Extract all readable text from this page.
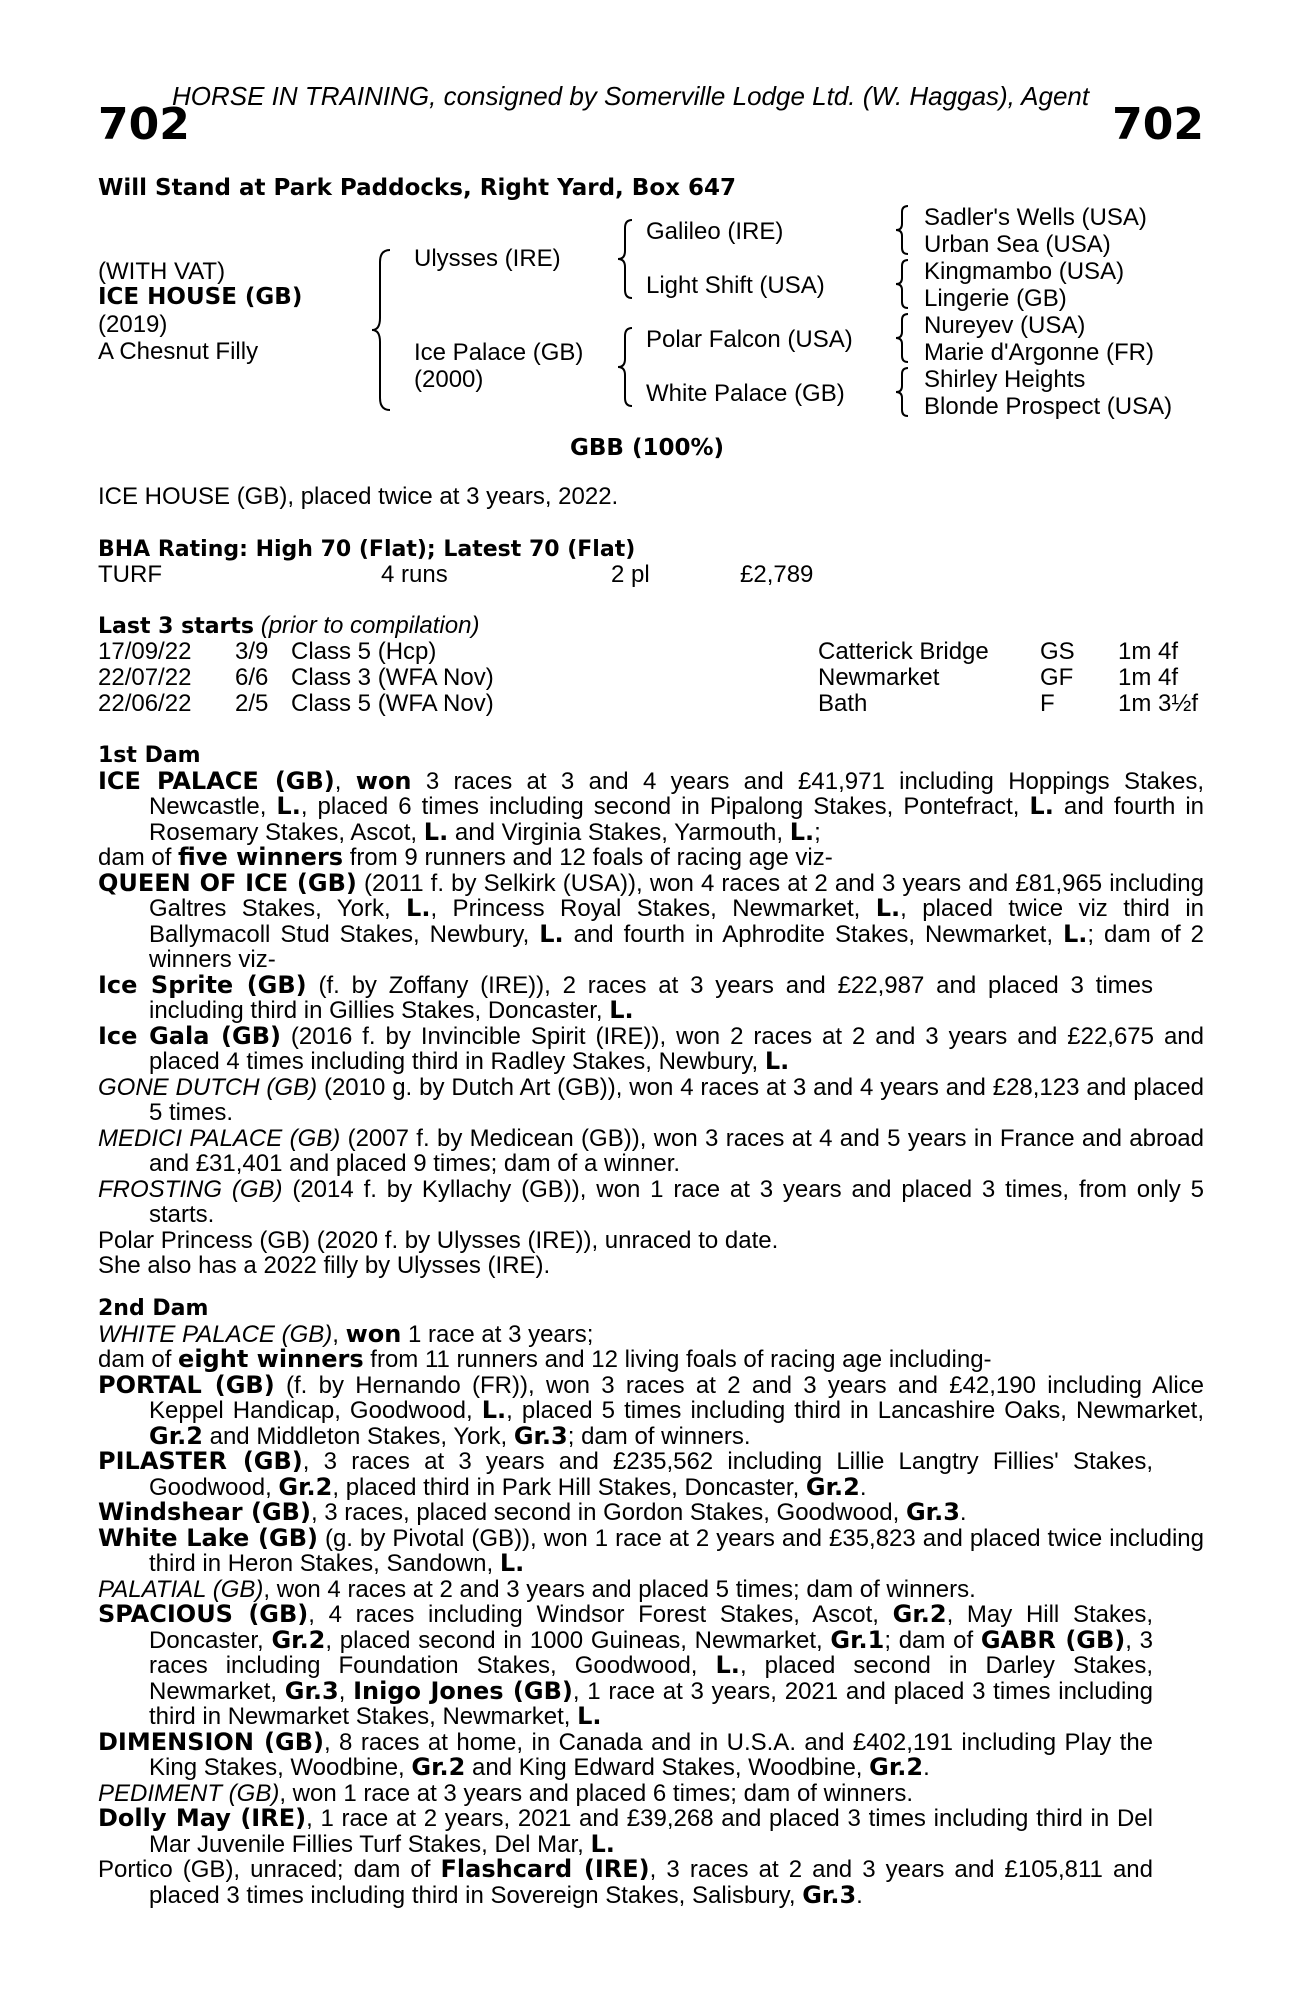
HORSE IN TRAINING, consigned by Somerville Lodge Ltd. (W. Haggas), Agent
702	702
Will Stand at Park Paddocks, Right Yard, Box 647
(WITH VAT)
ICE HOUSE (GB)
(2019)
A Chesnut Filly
Ulysses (IRE)
Ice Palace (GB)
(2000)
Galileo (IRE)
Light Shift (USA)
Polar Falcon (USA)
White Palace (GB)
Sadler's Wells (USA)
Urban Sea (USA)
Kingmambo (USA)
Lingerie (GB)
Nureyev (USA)
Marie d'Argonne (FR)
Shirley Heights
Blonde Prospect (USA)
GBB (100%)
ICE HOUSE (GB), placed twice at 3 years, 2022.
BHA Rating: High 70 (Flat); Latest 70 (Flat)
TURF	4 runs	2 pl	£2,789
Last 3 starts (prior to compilation)
17/09/22 3/9 Class 5 (Hcp)	Catterick Bridge GS 1m 4f
22/07/22 6/6 Class 3 (WFA Nov)	Newmarket	GF 1m 4f
22/06/22 2/5 Class 5 (WFA Nov)	Bath	F	1m 3½f
1st Dam

ICE PALACE (GB), won 3 races at 3 and 4 years and £41,971 including Hoppings Stakes, Newcastle, L., placed 6 times including second in Pipalong Stakes, Pontefract, L. and fourth in Rosemary Stakes, Ascot, L. and Virginia Stakes, Yarmouth, L.;

dam of five winners from 9 runners and 12 foals of racing age viz-

QUEEN OF ICE (GB) (2011 f. by Selkirk (USA)), won 4 races at 2 and 3 years and £81,965 including Galtres Stakes, York, L., Princess Royal Stakes, Newmarket, L., placed twice viz third in Ballymacoll Stud Stakes, Newbury, L. and fourth in Aphrodite Stakes, Newmarket, L.; dam of 2 winners viz-

Ice Sprite (GB) (f. by Zoffany (IRE)), 2 races at 3 years and £22,987 and placed 3 times including third in Gillies Stakes, Doncaster, L.

Ice Gala (GB) (2016 f. by Invincible Spirit (IRE)), won 2 races at 2 and 3 years and £22,675 and placed 4 times including third in Radley Stakes, Newbury, L.

GONE DUTCH (GB) (2010 g. by Dutch Art (GB)), won 4 races at 3 and 4 years and £28,123 and placed 5 times.

MEDICI PALACE (GB) (2007 f. by Medicean (GB)), won 3 races at 4 and 5 years in France and abroad and £31,401 and placed 9 times; dam of a winner.

FROSTING (GB) (2014 f. by Kyllachy (GB)), won 1 race at 3 years and placed 3 times, from only 5 starts.

Polar Princess (GB) (2020 f. by Ulysses (IRE)), unraced to date.

She also has a 2022 filly by Ulysses (IRE).

2nd Dam

WHITE PALACE (GB), won 1 race at 3 years;

dam of eight winners from 11 runners and 12 living foals of racing age including-

PORTAL (GB) (f. by Hernando (FR)), won 3 races at 2 and 3 years and £42,190 including Alice Keppel Handicap, Goodwood, L., placed 5 times including third in Lancashire Oaks, Newmarket, Gr.2 and Middleton Stakes, York, Gr.3; dam of winners.

PILASTER (GB), 3 races at 3 years and £235,562 including Lillie Langtry Fillies' Stakes, Goodwood, Gr.2, placed third in Park Hill Stakes, Doncaster, Gr.2.

Windshear (GB), 3 races, placed second in Gordon Stakes, Goodwood, Gr.3.

White Lake (GB) (g. by Pivotal (GB)), won 1 race at 2 years and £35,823 and placed twice including third in Heron Stakes, Sandown, L.

PALATIAL (GB), won 4 races at 2 and 3 years and placed 5 times; dam of winners.

SPACIOUS (GB), 4 races including Windsor Forest Stakes, Ascot, Gr.2, May Hill Stakes, Doncaster, Gr.2, placed second in 1000 Guineas, Newmarket, Gr.1; dam of GABR (GB), 3 races including Foundation Stakes, Goodwood, L., placed second in Darley Stakes, Newmarket, Gr.3, Inigo Jones (GB), 1 race at 3 years, 2021 and placed 3 times including third in Newmarket Stakes, Newmarket, L.

DIMENSION (GB), 8 races at home, in Canada and in U.S.A. and £402,191 including Play the King Stakes, Woodbine, Gr.2 and King Edward Stakes, Woodbine, Gr.2.

PEDIMENT (GB), won 1 race at 3 years and placed 6 times; dam of winners.

Dolly May (IRE), 1 race at 2 years, 2021 and £39,268 and placed 3 times including third in Del Mar Juvenile Fillies Turf Stakes, Del Mar, L.

Portico (GB), unraced; dam of Flashcard (IRE), 3 races at 2 and 3 years and £105,811 and placed 3 times including third in Sovereign Stakes, Salisbury, Gr.3.
